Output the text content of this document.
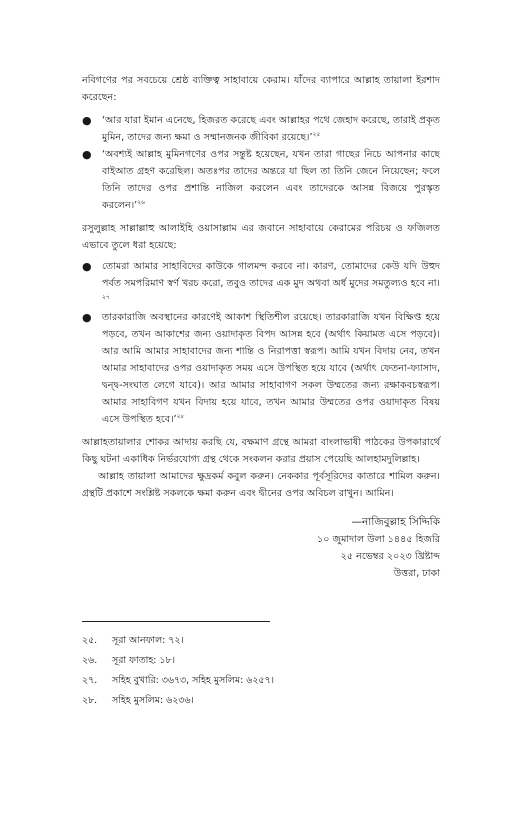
নবিগণের পর সবচেয়ে শ্রেষ্ঠ ব্যক্তিত্ব সাহাবায়ে কেরাম। যাঁদের ব্যাপারে আল্লাহ তায়ালা ইরশাদ করেছেন:

● ‘আর যারা ইমান এনেছে, হিজরত করেছে এবং আল্লাহর পথে জেহাদ করেছে, তারাই প্রকৃত মুমিন, তাদের জন্য ক্ষমা ও সম্মানজনক জীবিকা রয়েছে।’$^{২৫}$
● ‘অবশ্যই আল্লাহ মুমিনগণের ওপর সন্তুষ্ট হয়েছেন, যখন তারা গাছের নিচে আপনার কাছে বাইআত গ্রহণ করেছিল। অতঃপর তাদের অন্তরে যা ছিল তা তিনি জেনে নিয়েছেন; ফলে তিনি তাদের ওপর প্রশান্তি নাজিল করলেন এবং তাদেরকে আসন্ন বিজয়ে পুরস্কৃত করলেন।’$^{২৬}$

রসুলুল্লাহ সাল্লাল্লাহু আলাইহি ওয়াসাল্লাম এর জবানে সাহাবায়ে কেরামের পরিচয় ও ফজিলত এভাবে তুলে ধরা হয়েছে:

● তোমরা আমার সাহাবিদের কাউকে গালমন্দ করবে না। কারণ, তোমাদের কেউ যদি উহুদ পর্বত সমপরিমাণ স্বর্ণ খরচ করো, তবুও তাদের এক মুদ অথবা অর্ধ মুদের সমতুল্যও হবে না।$^{২৭}$
● তারকারাজি অবস্থানের কারণেই আকাশ স্থিতিশীল রয়েছে। তারকারাজি যখন বিক্ষিপ্ত হয়ে পড়বে, তখন আকাশের জন্য ওয়াদাকৃত বিপদ আসন্ন হবে (অর্থাৎ কিয়ামত এসে পড়বে)। আর আমি আমার সাহাবাদের জন্য শান্তি ও নিরাপত্তা স্বরূপ। আমি যখন বিদায় নেব, তখন আমার সাহাবাদের ওপর ওয়াদাকৃত সময় এসে উপস্থিত হয়ে যাবে (অর্থাৎ ফেতনা-ফ্যাসাদ, দ্বন্দ্ব-সংঘাত লেগে যাবে)। আর আমার সাহাবাগণ সকল উম্মতের জন্য রক্ষাকবচস্বরূপ। আমার সাহাবিগণ যখন বিদায় হয়ে যাবে, তখন আমার উম্মতের ওপর ওয়াদাকৃত বিষয় এসে উপস্থিত হবে।’$^{২৮}$

আল্লাহতায়ালার শোকর আদায় করছি যে, বক্ষমাণ গ্রন্থে আমরা বাংলাভাষী পাঠকের উপকারার্থে কিছু ঘটনা একাধিক নির্ভরযোগ্য গ্রন্থ থেকে সংকলন করার প্রয়াস পেয়েছি আলহামদুলিল্লাহ।

আল্লাহ তায়ালা আমাদের ক্ষুদ্রকর্ম কবুল করুন। নেককার পূর্বসূরিদের কাতারে শামিল করুন। গ্রন্থটি প্রকাশে সংশ্লিষ্ট সকলকে ক্ষমা করুন এবং দ্বীনের ওপর অবিচল রাখুন। আমিন।

—নাজিবুল্লাহ সিদ্দিকি
১০ জুমাদাল উলা ১৪৪৫ হিজরি
২৫ নভেম্বর ২০২৩ খ্রিষ্টাব্দ
উত্তরা, ঢাকা
২৫.	সূরা আনফাল: ৭২।
২৬.	সূরা ফাতাহ: ১৮।
২৭.	সহিহ বুখারি: ৩৬৭৩, সহিহ মুসলিম: ৬২৫৭।
২৮.	সহিহ মুসলিম: ৬২৩৬।
